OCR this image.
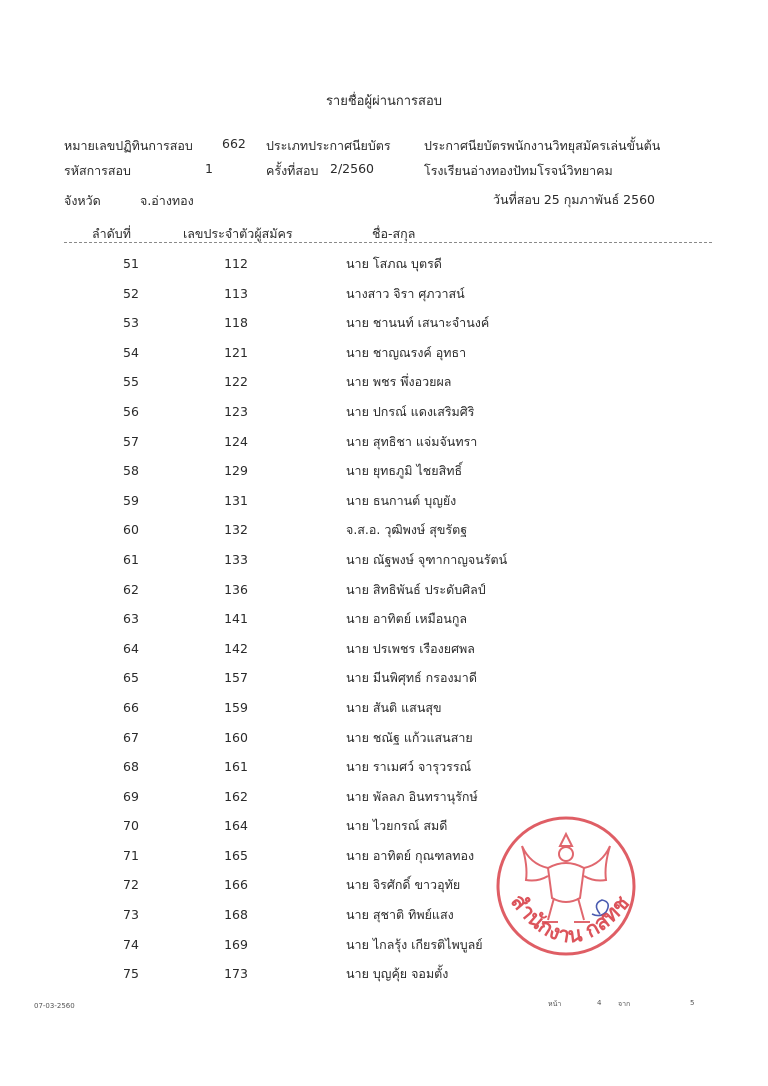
รายชื่อผู้ผ่านการสอบ
หมายเลขปฏิทินการสอบ 662 ประเภทประกาศนียบัตร	ประกาศนียบัตรพนักงานวิทยุสมัครเล่นขั้นต้น
รหัสการสอบ	1	ครั้งที่สอบ 2/2560	โรงเรียนอ่างทองปัทมโรจน์วิทยาคม
จังหวัด	จ.อ่างทอง	วันที่สอบ 25 กุมภาพันธ์ 2560
ลำดับที่	เลขประจำตัวผู้สมัคร	ชื่อ-สกุล
51	112	นาย โสภณ บุตรดี
52	113	นางสาว จิรา ศุภวาสน์
53	118	นาย ชานนท์ เสนาะจำนงค์
54	121	นาย ชาญณรงค์ อุทธา
55	122	นาย พชร พึ่งอวยผล
56	123	นาย ปกรณ์ แดงเสริมศิริ
57	124	นาย สุทธิชา แจ่มจันทรา
58	129	นาย ยุทธภูมิ ไชยสิทธิ์
59	131	นาย ธนกานต์ บุญยัง
60	132	จ.ส.อ. วุฒิพงษ์ สุขรัตฐ
61	133	นาย ณัฐพงษ์ จุฑากาญจนรัตน์
62	136	นาย สิทธิพันธ์ ประดับศิลป์
63	141	นาย อาทิตย์ เหมือนกูล
64	142	นาย ปรเพชร เรืองยศพล
65	157	นาย มีนพิศุทธ์ กรองมาดี
66	159	นาย สันติ แสนสุข
67	160	นาย ชณัฐ แก้วแสนสาย
68	161	นาย ราเมศว์ จารุวรรณ์
69	162	นาย พัลลภ อินทรานุรักษ์
70	164	นาย ไวยกรณ์ สมดี
71	165	นาย อาทิตย์ กุณฑลทอง
72	166	นาย จิรศักดิ์ ขาวอุทัย
73	168	นาย สุชาติ ทิพย์แสง
74	169	นาย ไกลรุ้ง เกียรติไพบูลย์
75	173	นาย บุญคุ้ย จอมตั้ง
สำนักงาน กสทช
07-03-2560	หน้า	4 จาก	5
